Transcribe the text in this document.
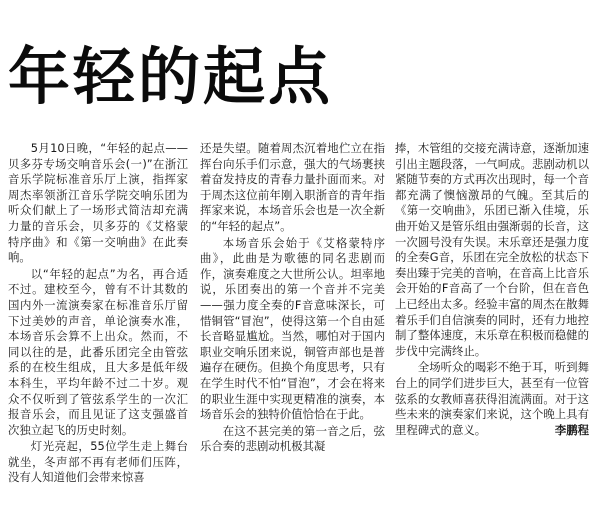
年轻的起点

5月10日晚，“年轻的起点——贝多芬专场交响音乐会(一)”在浙江音乐学院标准音乐厅上演，指挥家周杰率领浙江音乐学院交响乐团为听众们献上了一场形式简洁却充满力量的音乐会，贝多芬的《艾格蒙特序曲》和《第一交响曲》在此奏响。

以“年轻的起点”为名，再合适不过。建校至今，曾有不计其数的国内外一流演奏家在标准音乐厅留下过美妙的声音，单论演奏水准，本场音乐会算不上出众。然而，不同以往的是，此番乐团完全由管弦系的在校生组成，且大多是低年级本科生，平均年龄不过二十岁。观众不仅听到了管弦系学生的一次汇报音乐会，而且见证了这支强盛首次独立起飞的历史时刻。

灯光亮起，55位学生走上舞台就坐，冬声部不再有老师们压阵，没有人知道他们会带来惊喜

还是失望。随着周杰沉着地伫立在指挥台向乐手们示意，强大的气场裹挟着奋发持皮的青春力量扑面而来。对于周杰这位前年刚入职浙音的青年指挥家来说，本场音乐会也是一次全新的“年轻的起点”。

本场音乐会始于《艾格蒙特序曲》，此曲是为歌德的同名悲剧而作，演奏难度之大世所公认。坦率地说，乐团奏出的第一个音并不完美——强力度全奏的F音意味深长，可惜铜管“冒泡”，使得这第一个自由延长音略显尴尬。当然，哪怕对于国内职业交响乐团来说，铜管声部也是普遍存在硬伤。但换个角度思考，只有在学生时代不怕“冒泡”，才会在将来的职业生涯中实现更精准的演奏，本场音乐会的独特价值恰恰在于此。

在这不甚完美的第一音之后，弦乐合奏的悲剧动机极其凝

捧，木管组的交接充满诗意，逐渐加速引出主题段落，一气呵成。悲剧动机以紧随节奏的方式再次出现时，每一个音都充满了懊恼激昂的气魄。至其后的《第一交响曲》，乐团已渐入佳境，乐曲开始又是管乐组由强渐弱的长音，这一次圆号没有失误。末乐章还是强力度的全奏G音，乐团在完全放松的状态下奏出臻于完美的音响，在音高上比音乐会开始的F音高了一个台阶，但在音色上已经出太多。经验丰富的周杰在散舞着乐手们自信演奏的同时，还有力地控制了整体速度，末乐章在积极而稳健的步伐中完满终止。

全场听众的喝彩不绝于耳，听到舞台上的同学们进步巨大，甚至有一位管弦系的女教师喜获得泪流满面。对于这些未来的演奏家们来说，这个晚上具有里程碑式的意义。	李鹏程
